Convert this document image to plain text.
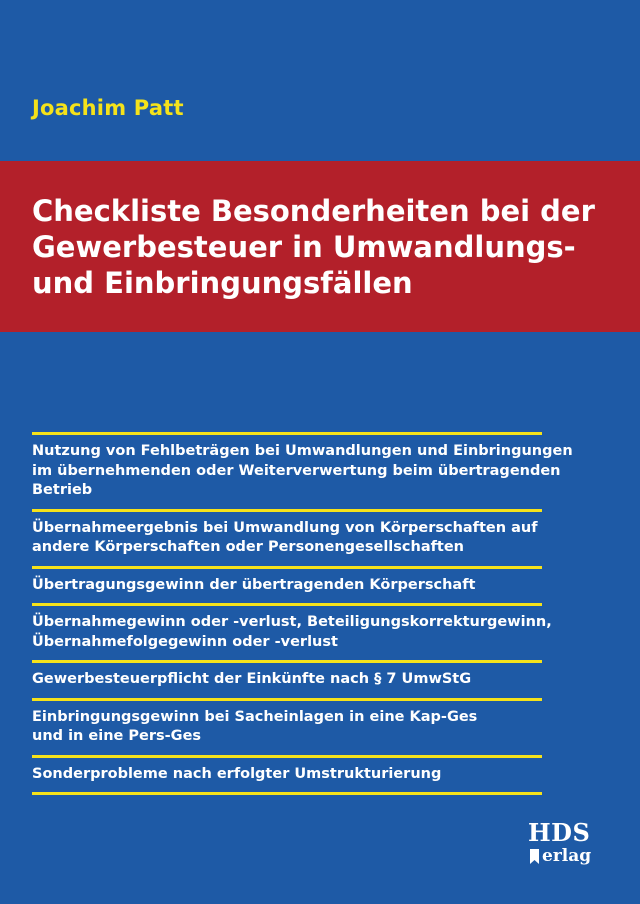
Joachim Patt
Checkliste Besonderheiten bei der
Gewerbesteuer in Umwandlungs-
und Einbringungsfällen
Nutzung von Fehlbeträgen bei Umwandlungen und Einbringungen
im übernehmenden oder Weiterverwertung beim übertragenden
Betrieb
Übernahmeergebnis bei Umwandlung von Körperschaften auf
andere Körperschaften oder Personengesellschaften
Übertragungsgewinn der übertragenden Körperschaft
Übernahmegewinn oder -verlust, Beteiligungskorrekturgewinn,
Übernahmefolgegewinn oder -verlust
Gewerbesteuerpflicht der Einkünfte nach § 7 UmwStG
Einbringungsgewinn bei Sacheinlagen in eine Kap-Ges
und in eine Pers-Ges
Sonderprobleme nach erfolgter Umstrukturierung
HDS
erlag
